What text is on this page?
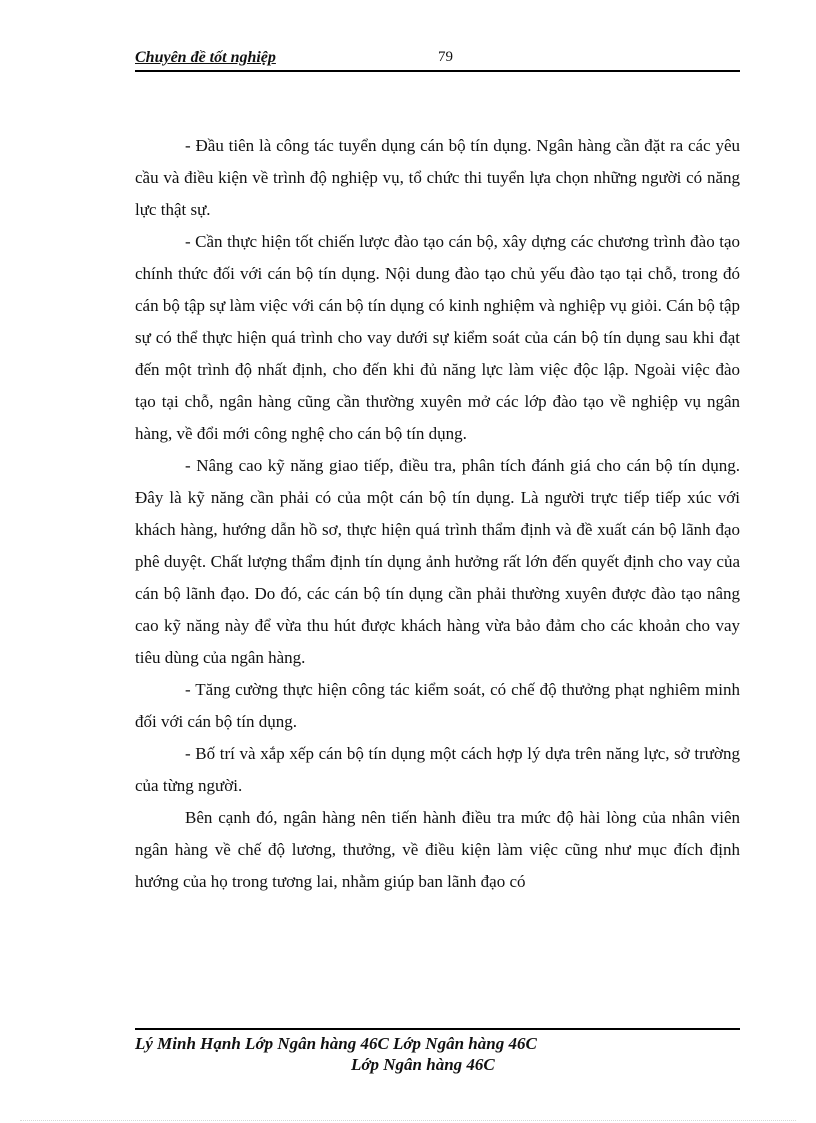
Chuyên đề tốt nghiệp	79

- Đầu tiên là công tác tuyển dụng cán bộ tín dụng. Ngân hàng cần đặt ra các yêu cầu và điều kiện về trình độ nghiệp vụ, tổ chức thi tuyển lựa chọn những người có năng lực thật sự.

- Cần thực hiện tốt chiến lược đào tạo cán bộ, xây dựng các chương trình đào tạo chính thức đối với cán bộ tín dụng. Nội dung đào tạo chủ yếu đào tạo tại chỗ, trong đó cán bộ tập sự làm việc với cán bộ tín dụng có kinh nghiệm và nghiệp vụ giỏi. Cán bộ tập sự có thể thực hiện quá trình cho vay dưới sự kiểm soát của cán bộ tín dụng sau khi đạt đến một trình độ nhất định, cho đến khi đủ năng lực làm việc độc lập. Ngoài việc đào tạo tại chỗ, ngân hàng cũng cần thường xuyên mở các lớp đào tạo về nghiệp vụ ngân hàng, về đổi mới công nghệ cho cán bộ tín dụng.

- Nâng cao kỹ năng giao tiếp, điều tra, phân tích đánh giá cho cán bộ tín dụng. Đây là kỹ năng cần phải có của một cán bộ tín dụng. Là người trực tiếp tiếp xúc với khách hàng, hướng dẫn hồ sơ, thực hiện quá trình thẩm định và đề xuất cán bộ lãnh đạo phê duyệt. Chất lượng thẩm định tín dụng ảnh hưởng rất lớn đến quyết định cho vay của cán bộ lãnh đạo. Do đó, các cán bộ tín dụng cần phải thường xuyên được đào tạo nâng cao kỹ năng này để vừa thu hút được khách hàng vừa bảo đảm cho các khoản cho vay tiêu dùng của ngân hàng.

- Tăng cường thực hiện công tác kiểm soát, có chế độ thưởng phạt nghiêm minh đối với cán bộ tín dụng.

- Bố trí và xắp xếp cán bộ tín dụng một cách hợp lý dựa trên năng lực, sở trường của từng người.

Bên cạnh đó, ngân hàng nên tiến hành điều tra mức độ hài lòng của nhân viên ngân hàng về chế độ lương, thưởng, về điều kiện làm việc cũng như mục đích định hướng của họ trong tương lai, nhằm giúp ban lãnh đạo có

Lý Minh Hạnh Lớp Ngân hàng 46C Lớp Ngân hàng 46C
Lớp Ngân hàng 46C
